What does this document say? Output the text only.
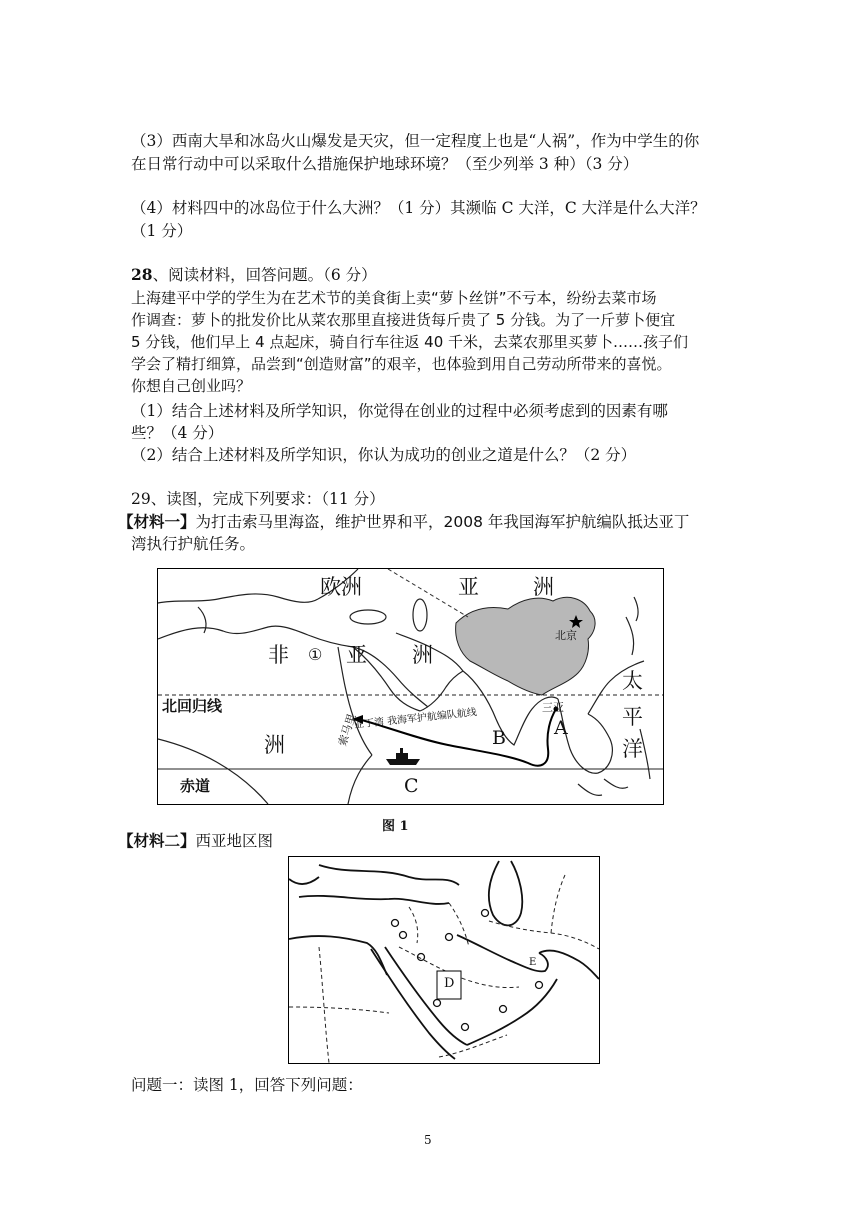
（3）西南大旱和冰岛火山爆发是天灾，但一定程度上也是“人祸”，作为中学生的你
在日常行动中可以采取什么措施保护地球环境？（至少列举 3 种）（3 分）
（4）材料四中的冰岛位于什么大洲？（1 分）其濒临 C 大洋，C 大洋是什么大洋？
（1 分）
28、阅读材料，回答问题。（6 分）
上海建平中学的学生为在艺术节的美食街上卖“萝卜丝饼”不亏本，纷纷去菜市场
作调查：萝卜的批发价比从菜农那里直接进货每斤贵了 5 分钱。为了一斤萝卜便宜
5 分钱，他们早上 4 点起床，骑自行车往返 40 千米，去菜农那里买萝卜……孩子们
学会了精打细算，品尝到“创造财富”的艰辛，也体验到用自己劳动所带来的喜悦。
你想自己创业吗？
（1）结合上述材料及所学知识，你觉得在创业的过程中必须考虑到的因素有哪
些？（4 分）
（2）结合上述材料及所学知识，你认为成功的创业之道是什么？（2 分）
29、读图，完成下列要求：（11 分）
【材料一】为打击索马里海盗，维护世界和平，2008 年我国海军护航编队抵达亚丁
湾执行护航任务。
欧洲	亚	洲
非 ① 亚 洲
北京
太
平
洋
三亚
北回归线
亚丁湾 我海军护航编队航线
索马里
洲
A
B
C
赤道
图 1
【材料二】西亚地区图
D
E
问题一：读图 1，回答下列问题：
5
